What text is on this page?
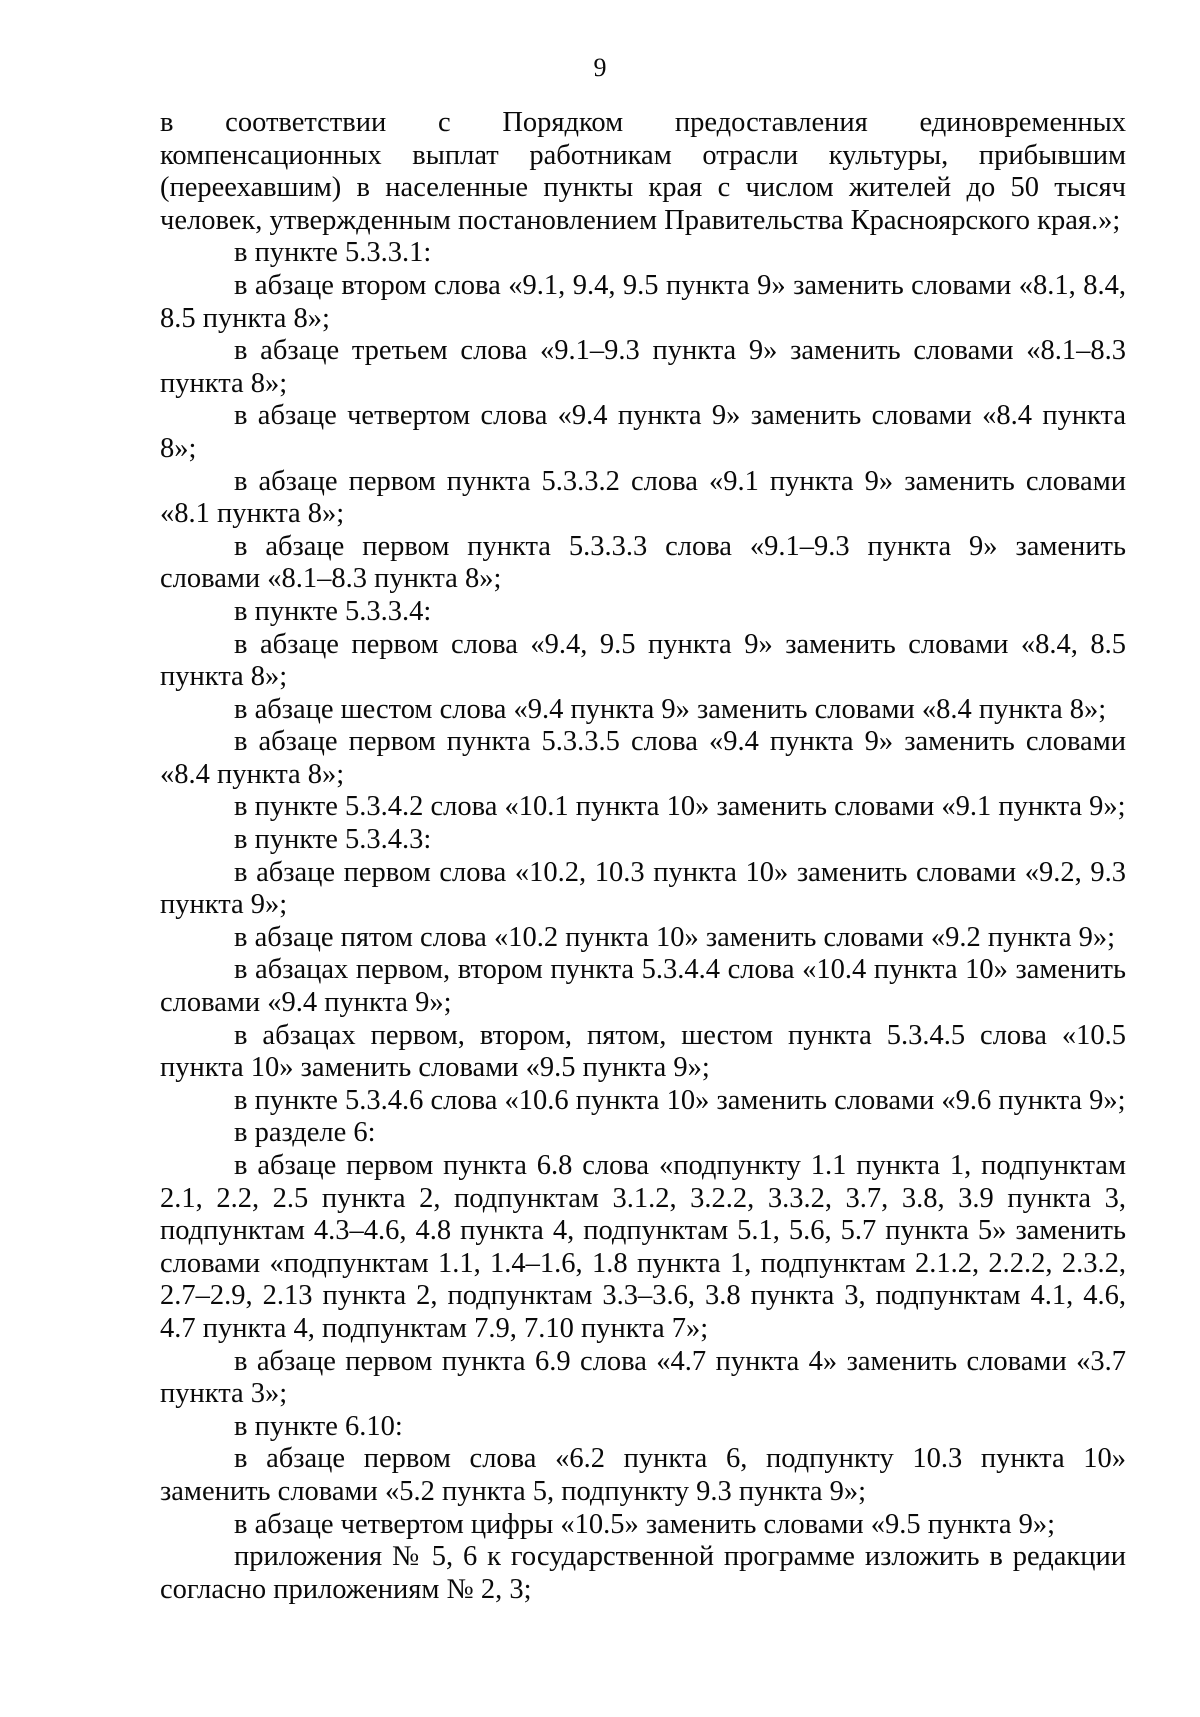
9

в соответствии с Порядком предоставления единовременных компенсационных выплат работникам отрасли культуры, прибывшим (переехавшим) в населенные пункты края с числом жителей до 50 тысяч человек, утвержденным постановлением Правительства Красноярского края.»;

в пункте 5.3.3.1:

в абзаце втором слова «9.1, 9.4, 9.5 пункта 9» заменить словами «8.1, 8.4, 8.5 пункта 8»;

в абзаце третьем слова «9.1–9.3 пункта 9» заменить словами «8.1–8.3 пункта 8»;

в абзаце четвертом слова «9.4 пункта 9» заменить словами «8.4 пункта 8»;

в абзаце первом пункта 5.3.3.2 слова «9.1 пункта 9» заменить словами «8.1 пункта 8»;

в абзаце первом пункта 5.3.3.3 слова «9.1–9.3 пункта 9» заменить словами «8.1–8.3 пункта 8»;

в пункте 5.3.3.4:

в абзаце первом слова «9.4, 9.5 пункта 9» заменить словами «8.4, 8.5 пункта 8»;

в абзаце шестом слова «9.4 пункта 9» заменить словами «8.4 пункта 8»;

в абзаце первом пункта 5.3.3.5 слова «9.4 пункта 9» заменить словами «8.4 пункта 8»;

в пункте 5.3.4.2 слова «10.1 пункта 10» заменить словами «9.1 пункта 9»;

в пункте 5.3.4.3:

в абзаце первом слова «10.2, 10.3 пункта 10» заменить словами «9.2, 9.3 пункта 9»;

в абзаце пятом слова «10.2 пункта 10» заменить словами «9.2 пункта 9»;

в абзацах первом, втором пункта 5.3.4.4 слова «10.4 пункта 10» заменить словами «9.4 пункта 9»;

в абзацах первом, втором, пятом, шестом пункта 5.3.4.5 слова «10.5 пункта 10» заменить словами «9.5 пункта 9»;

в пункте 5.3.4.6 слова «10.6 пункта 10» заменить словами «9.6 пункта 9»;

в разделе 6:

в абзаце первом пункта 6.8 слова «подпункту 1.1 пункта 1, подпунктам 2.1, 2.2, 2.5 пункта 2, подпунктам 3.1.2, 3.2.2, 3.3.2, 3.7, 3.8, 3.9 пункта 3, подпунктам 4.3–4.6, 4.8 пункта 4, подпунктам 5.1, 5.6, 5.7 пункта 5» заменить словами «подпунктам 1.1, 1.4–1.6, 1.8 пункта 1, подпунктам 2.1.2, 2.2.2, 2.3.2, 2.7–2.9, 2.13 пункта 2, подпунктам 3.3–3.6, 3.8 пункта 3, подпунктам 4.1, 4.6, 4.7 пункта 4, подпунктам 7.9, 7.10 пункта 7»;

в абзаце первом пункта 6.9 слова «4.7 пункта 4» заменить словами «3.7 пункта 3»;

в пункте 6.10:

в абзаце первом слова «6.2 пункта 6, подпункту 10.3 пункта 10» заменить словами «5.2 пункта 5, подпункту 9.3 пункта 9»;

в абзаце четвертом цифры «10.5» заменить словами «9.5 пункта 9»;

приложения № 5, 6 к государственной программе изложить в редакции согласно приложениям № 2, 3;
